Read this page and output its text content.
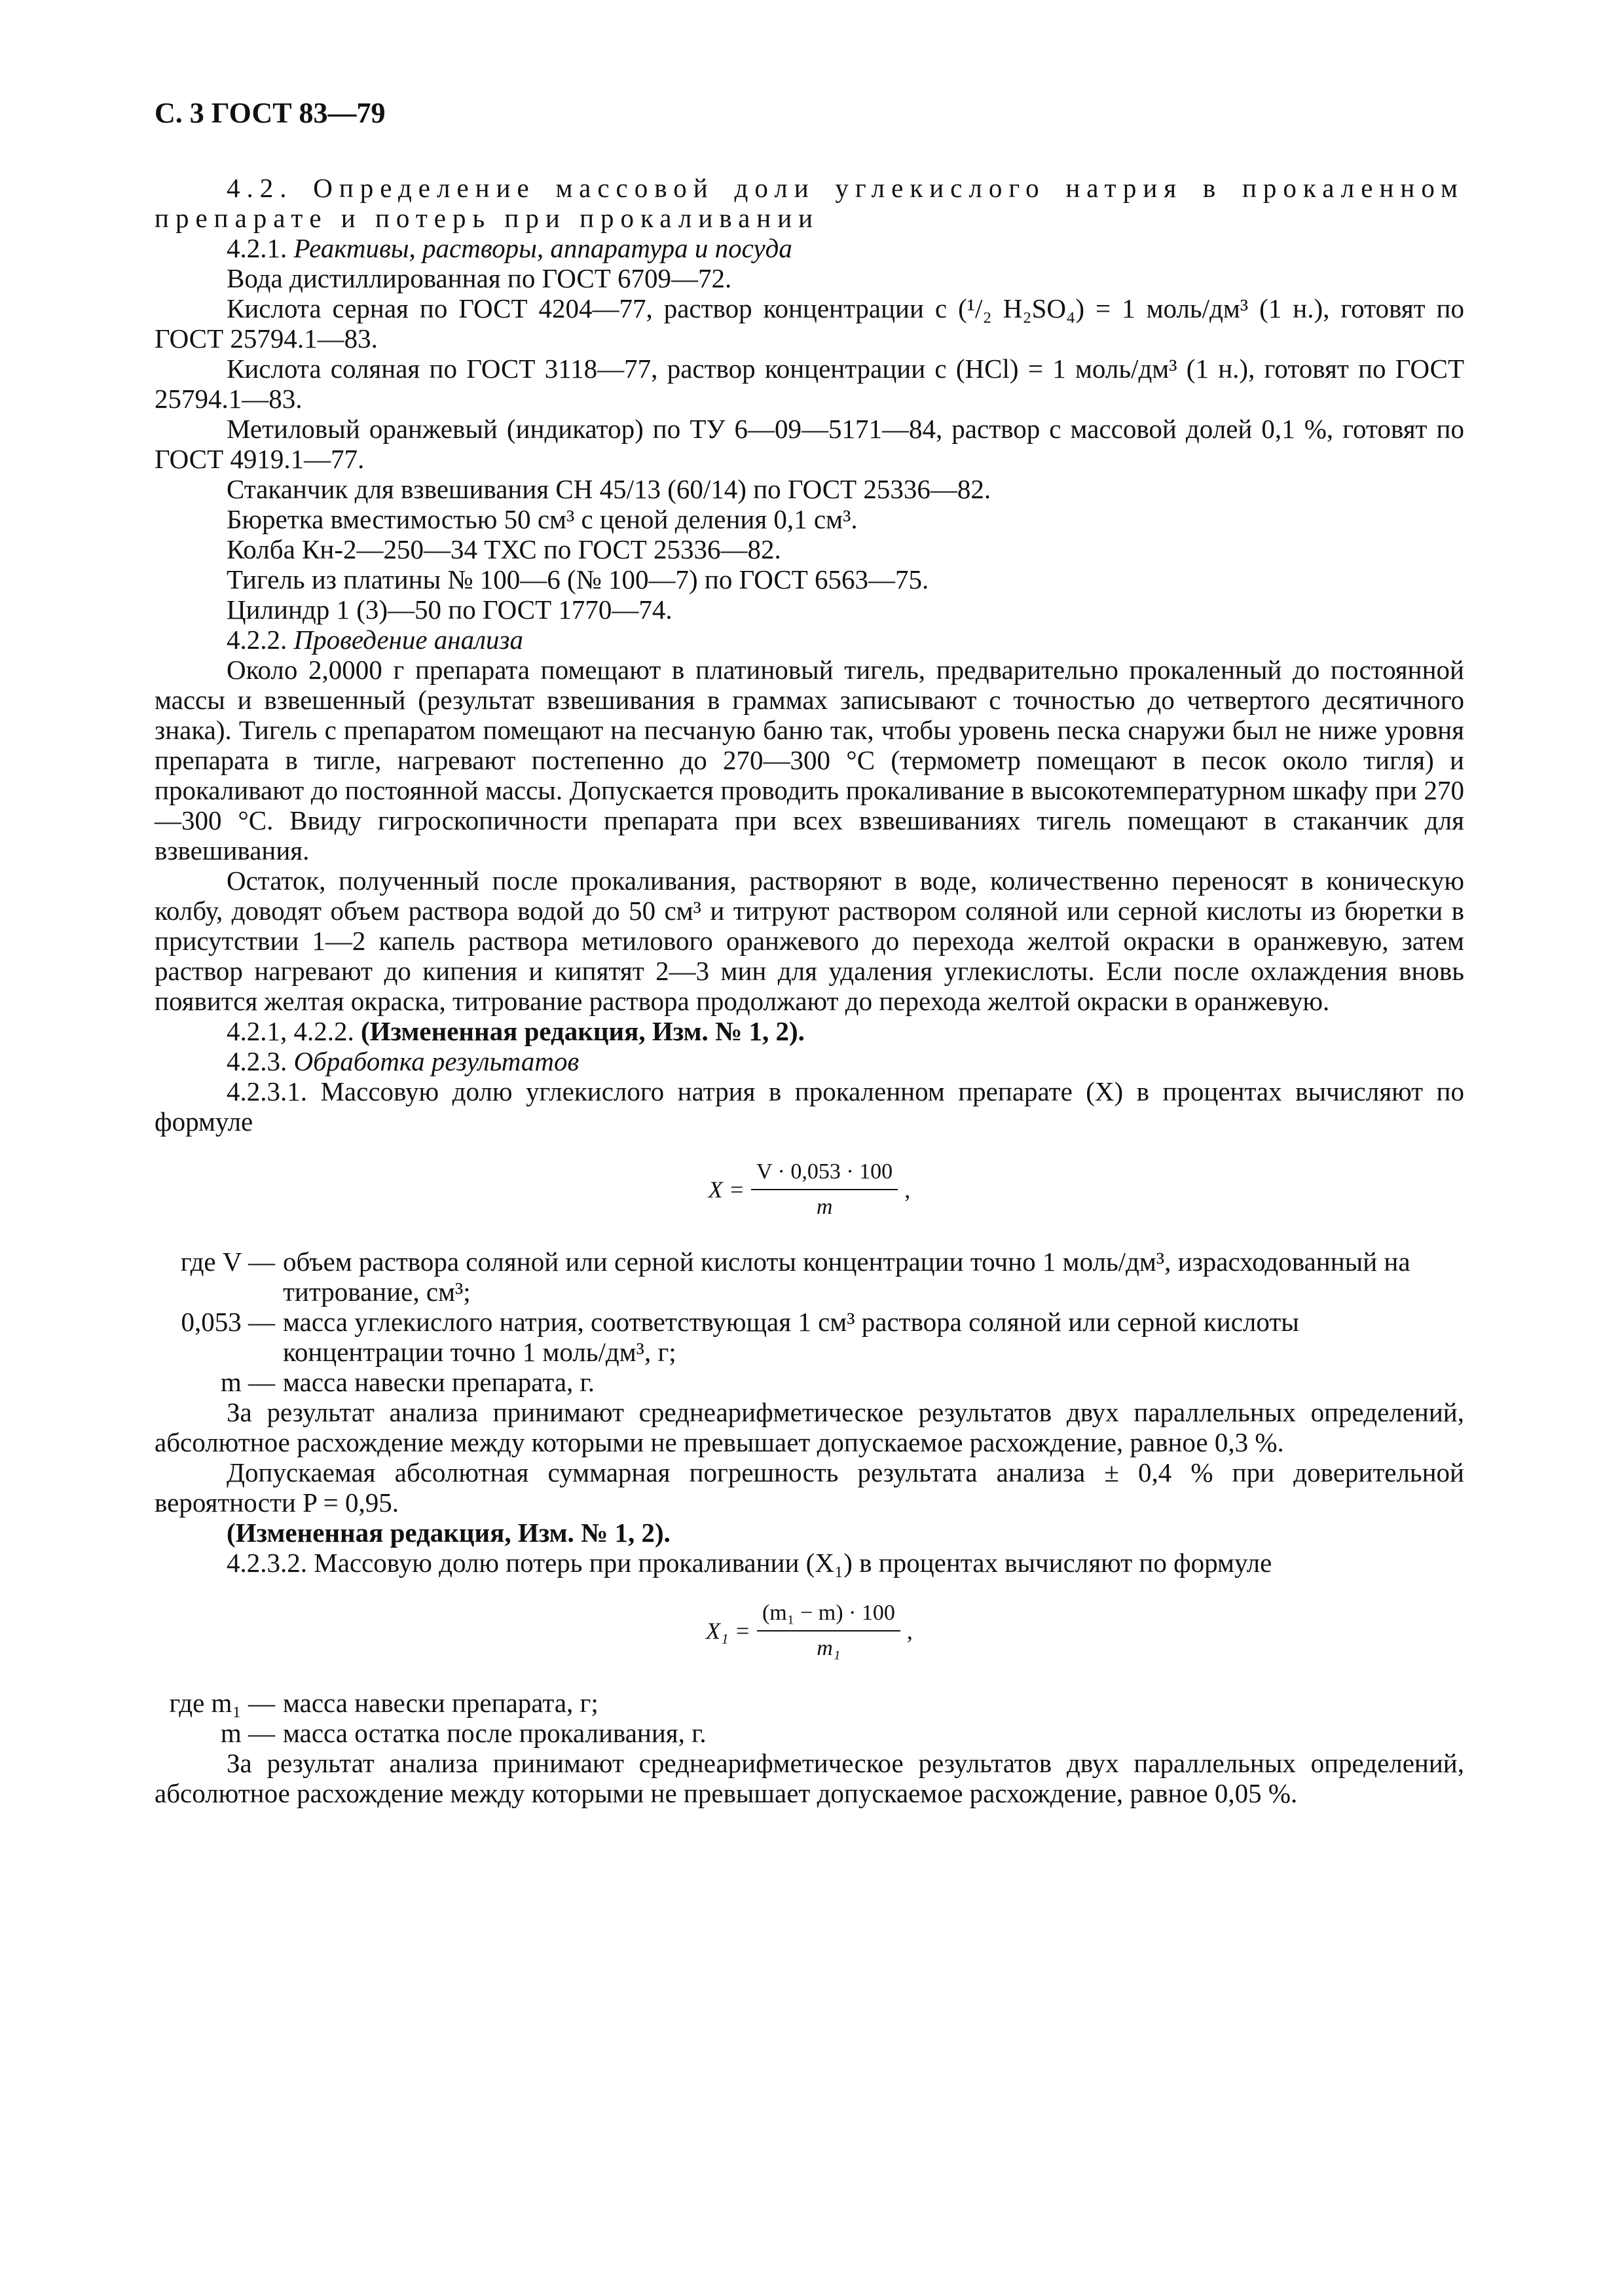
С. 3 ГОСТ 83—79

4.2. Определение массовой доли углекислого натрия в прокаленном препарате и потерь при прокаливании

4.2.1. Реактивы, растворы, аппаратура и посуда

Вода дистиллированная по ГОСТ 6709—72.

Кислота серная по ГОСТ 4204—77, раствор концентрации c (¹/₂ H₂SO₄) = 1 моль/дм³ (1 н.), готовят по ГОСТ 25794.1—83.

Кислота соляная по ГОСТ 3118—77, раствор концентрации c (HCl) = 1 моль/дм³ (1 н.), готовят по ГОСТ 25794.1—83.

Метиловый оранжевый (индикатор) по ТУ 6—09—5171—84, раствор с массовой долей 0,1 %, готовят по ГОСТ 4919.1—77.

Стаканчик для взвешивания СН 45/13 (60/14) по ГОСТ 25336—82.

Бюретка вместимостью 50 см³ с ценой деления 0,1 см³.

Колба Кн-2—250—34 ТХС по ГОСТ 25336—82.

Тигель из платины № 100—6 (№ 100—7) по ГОСТ 6563—75.

Цилиндр 1 (3)—50 по ГОСТ 1770—74.

4.2.2. Проведение анализа

Около 2,0000 г препарата помещают в платиновый тигель, предварительно прокаленный до постоянной массы и взвешенный (результат взвешивания в граммах записывают с точностью до четвертого десятичного знака). Тигель с препаратом помещают на песчаную баню так, чтобы уровень песка снаружи был не ниже уровня препарата в тигле, нагревают постепенно до 270—300 °С (термометр помещают в песок около тигля) и прокаливают до постоянной массы. Допускается проводить прокаливание в высокотемпературном шкафу при 270—300 °С. Ввиду гигроскопичности препарата при всех взвешиваниях тигель помещают в стаканчик для взвешивания.

Остаток, полученный после прокаливания, растворяют в воде, количественно переносят в коническую колбу, доводят объем раствора водой до 50 см³ и титруют раствором соляной или серной кислоты из бюретки в присутствии 1—2 капель раствора метилового оранжевого до перехода желтой окраски в оранжевую, затем раствор нагревают до кипения и кипятят 2—3 мин для удаления углекислоты. Если после охлаждения вновь появится желтая окраска, титрование раствора продолжают до перехода желтой окраски в оранжевую.

4.2.1, 4.2.2. (Измененная редакция, Изм. № 1, 2).

4.2.3. Обработка результатов

4.2.3.1. Массовую долю углекислого натрия в прокаленном препарате (X) в процентах вычисляют по формуле

$X = \frac{V \cdot 0,053 \cdot 100}{m}$ ,
где V — объем раствора соляной или серной кислоты концентрации точно 1 моль/дм³, израсходованный на титрование, см³;
0,053 — масса углекислого натрия, соответствующая 1 см³ раствора соляной или серной кислоты концентрации точно 1 моль/дм³, г;
m — масса навески препарата, г.

За результат анализа принимают среднеарифметическое результатов двух параллельных определений, абсолютное расхождение между которыми не превышает допускаемое расхождение, равное 0,3 %.

Допускаемая абсолютная суммарная погрешность результата анализа ± 0,4 % при доверительной вероятности P = 0,95.

(Измененная редакция, Изм. № 1, 2).

4.2.3.2. Массовую долю потерь при прокаливании (X₁) в процентах вычисляют по формуле

$X_1 = \frac{\text{(m₁ − m) · 100}}{\text{m₁}}$ ,
где m₁ — масса навески препарата, г;
m — масса остатка после прокаливания, г.

За результат анализа принимают среднеарифметическое результатов двух параллельных определений, абсолютное расхождение между которыми не превышает допускаемое расхождение, равное 0,05 %.
